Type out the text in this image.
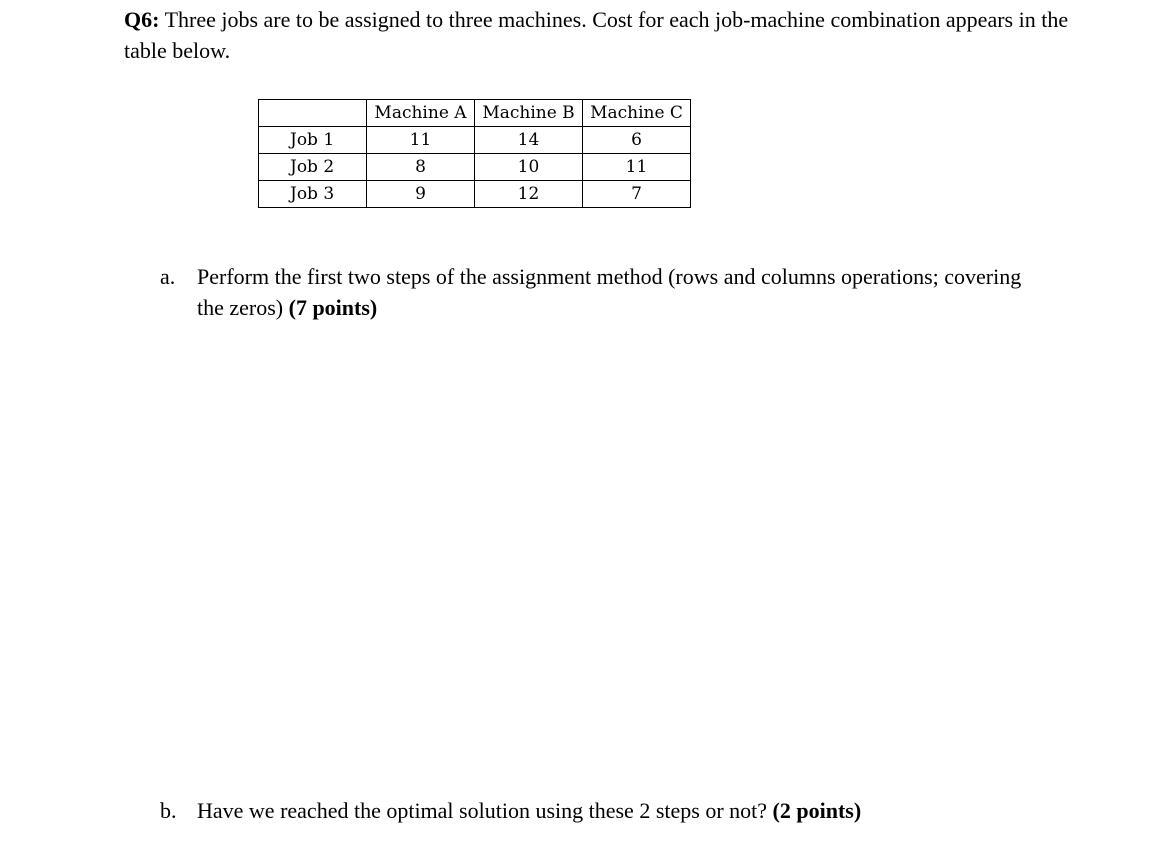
Q6: Three jobs are to be assigned to three machines. Cost for each job-machine combination appears in the table below.
	Machine A	Machine B	Machine C
Job 1	11	14	6
Job 2	8	10	11
Job 3	9	12	7
a. Perform the first two steps of the assignment method (rows and columns operations; covering the zeros) (7 points)
b. Have we reached the optimal solution using these 2 steps or not? (2 points)
